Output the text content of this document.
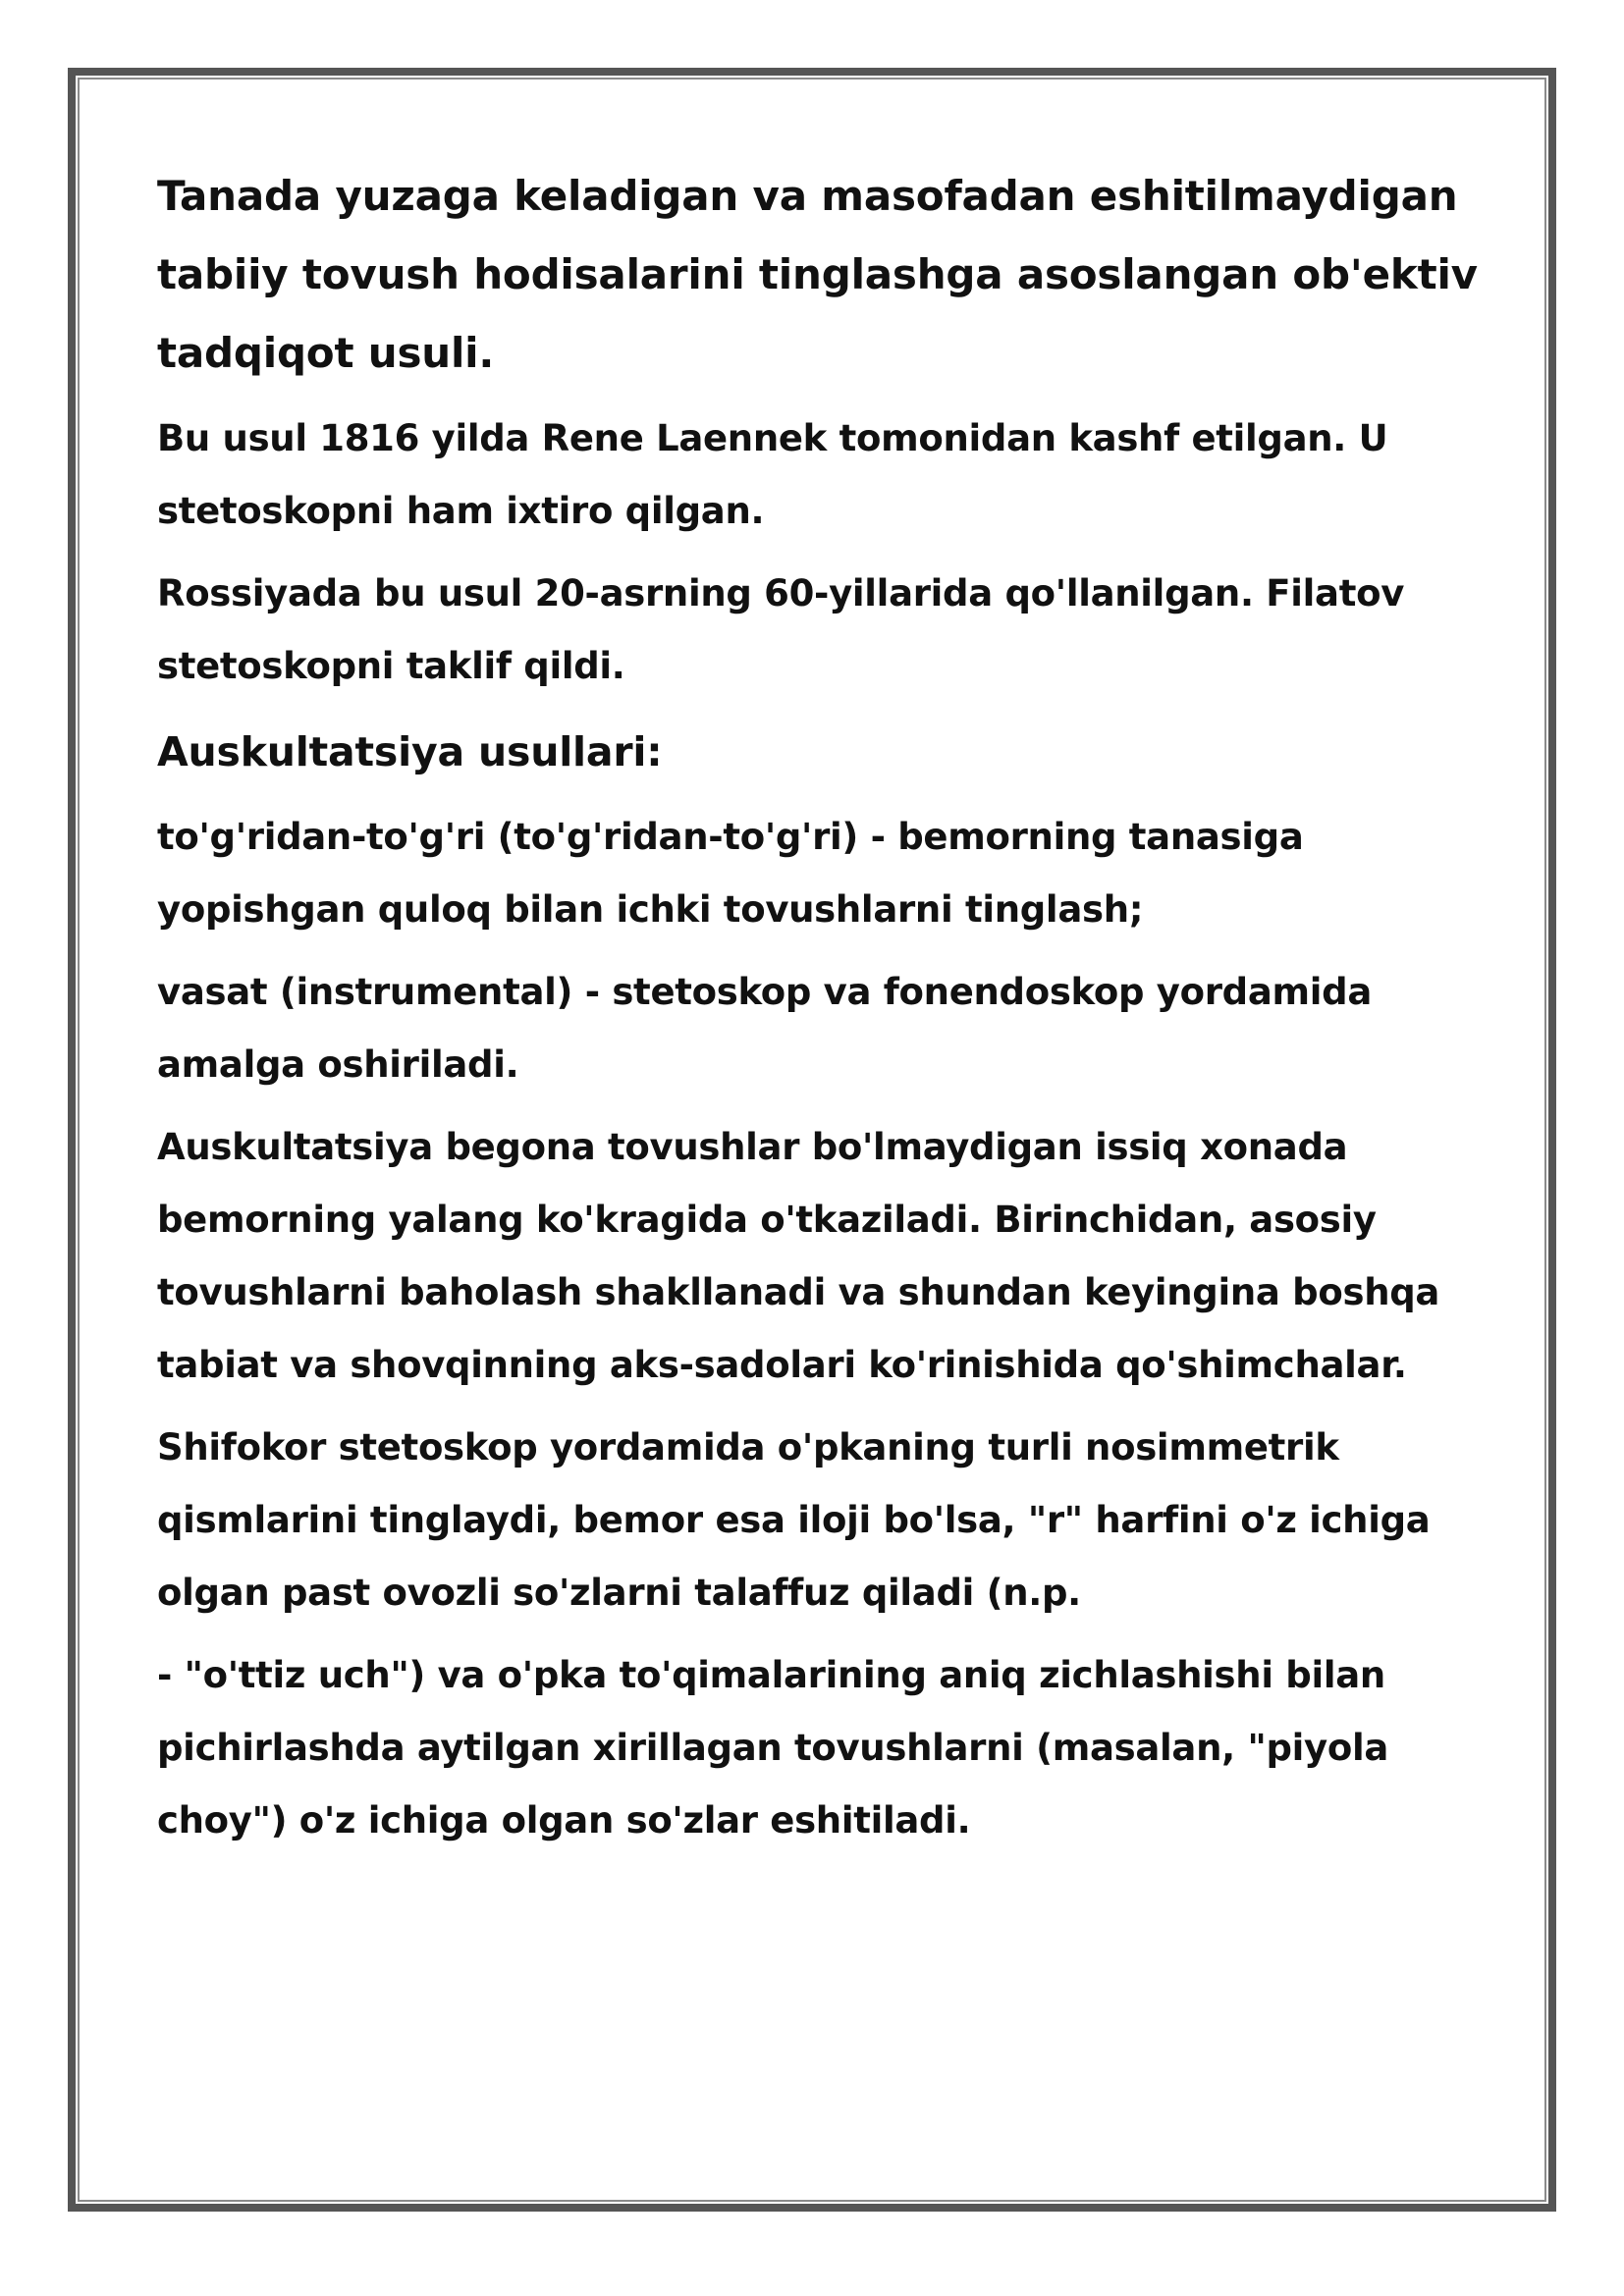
Tanada yuzaga keladigan va masofadan eshitilmaydigan tabiiy tovush hodisalarini tinglashga asoslangan ob'ektiv tadqiqot usuli.

Bu usul 1816 yilda Rene Laennek tomonidan kashf etilgan. U stetoskopni ham ixtiro qilgan.

Rossiyada bu usul 20-asrning 60-yillarida qo'llanilgan. Filatov stetoskopni taklif qildi.

Auskultatsiya usullari:

to'g'ridan-to'g'ri (to'g'ridan-to'g'ri) - bemorning tanasiga yopishgan quloq bilan ichki tovushlarni tinglash;

vasat (instrumental) - stetoskop va fonendoskop yordamida amalga oshiriladi.

Auskultatsiya begona tovushlar bo'lmaydigan issiq xonada bemorning yalang ko'kragida o'tkaziladi. Birinchidan, asosiy tovushlarni baholash shakllanadi va shundan keyingina boshqa tabiat va shovqinning aks-sadolari ko'rinishida qo'shimchalar.

Shifokor stetoskop yordamida o'pkaning turli nosimmetrik qismlarini tinglaydi, bemor esa iloji bo'lsa, "r" harfini o'z ichiga olgan past ovozli so'zlarni talaffuz qiladi (n.p.

- "o'ttiz uch") va o'pka to'qimalarining aniq zichlashishi bilan pichirlashda aytilgan xirillagan tovushlarni (masalan, "piyola choy") o'z ichiga olgan so'zlar eshitiladi.
